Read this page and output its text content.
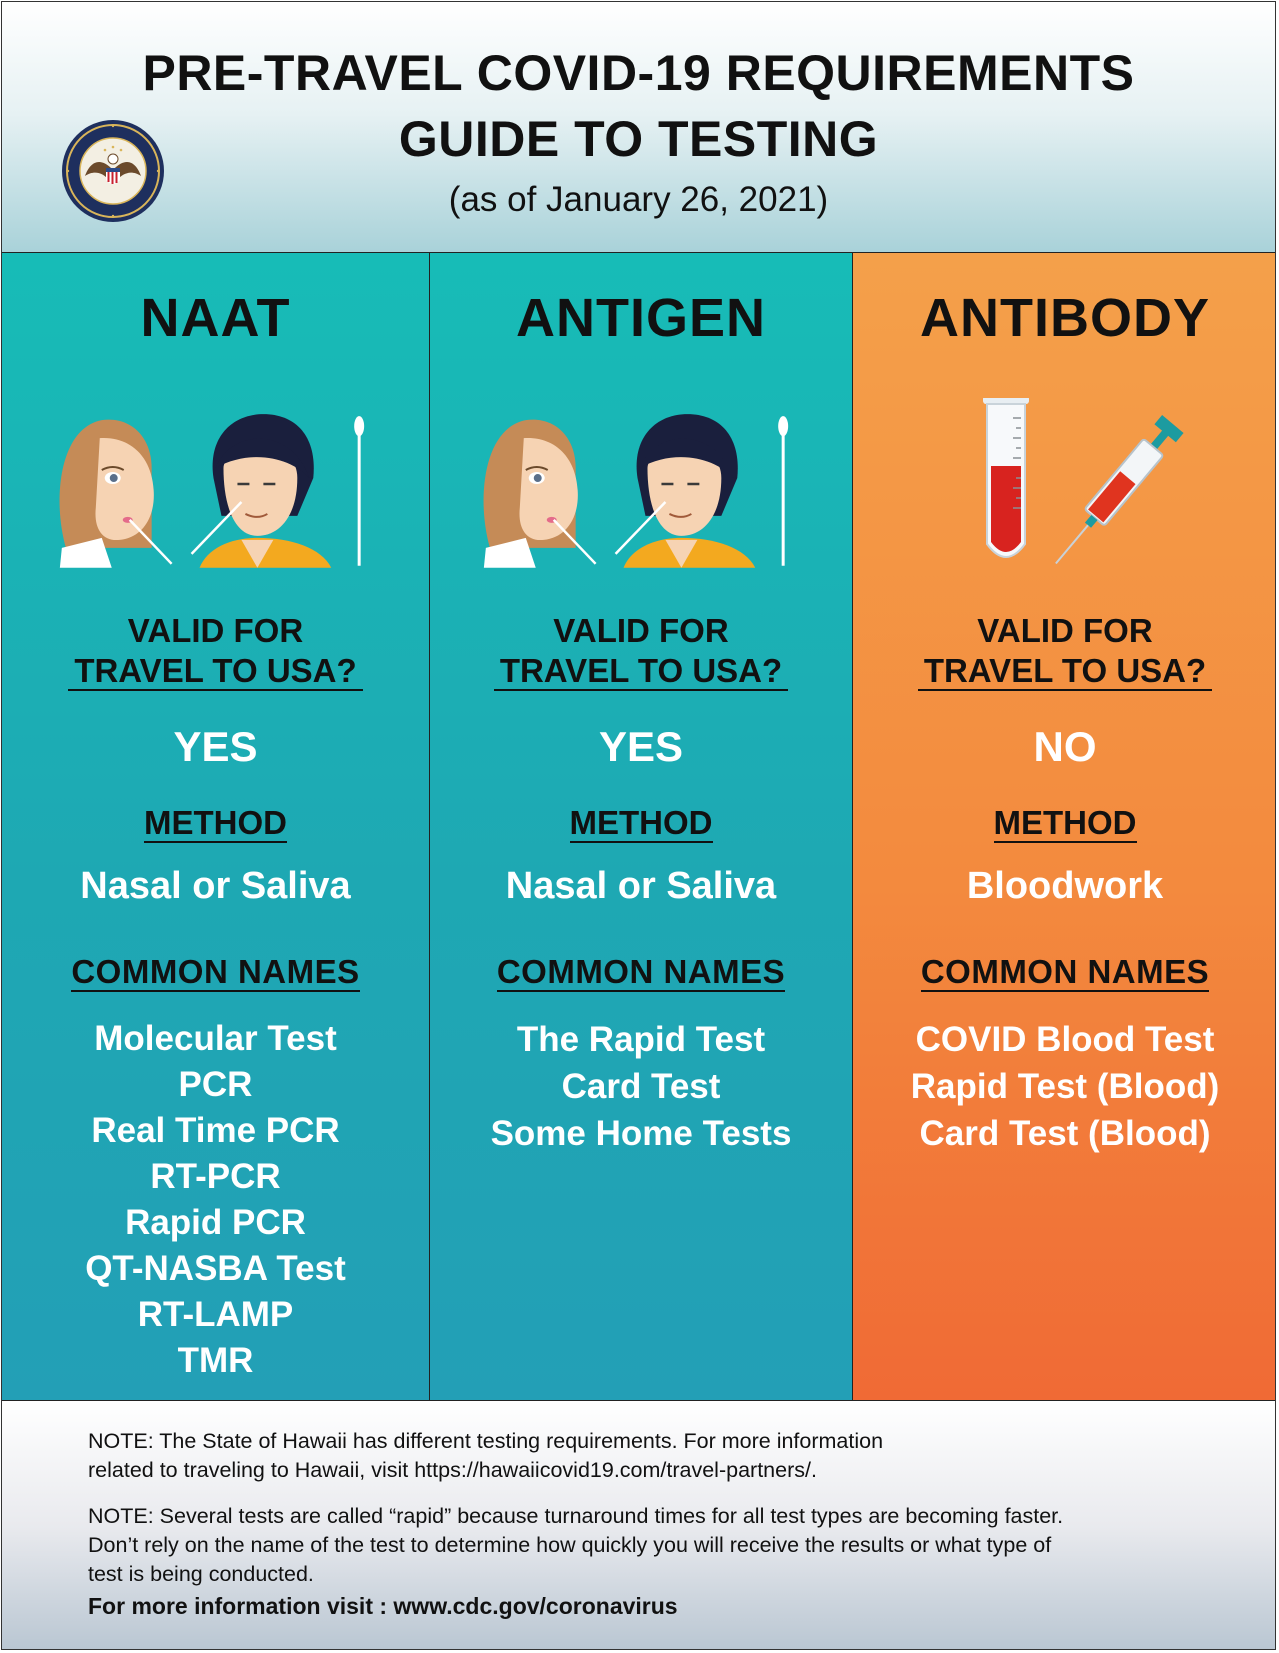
PRE-TRAVEL COVID-19 REQUIREMENTS
GUIDE TO TESTING
(as of January 26, 2021)
NAAT
VALID FOR
TRAVEL TO USA?
YES
METHOD
Nasal or Saliva
COMMON NAMES
Molecular Test
PCR
Real Time PCR
RT-PCR
Rapid PCR
QT-NASBA Test
RT-LAMP
TMR
ANTIGEN
VALID FOR
TRAVEL TO USA?
YES
METHOD
Nasal or Saliva
COMMON NAMES
The Rapid Test
Card Test
Some Home Tests
ANTIBODY
VALID FOR
TRAVEL TO USA?
NO
METHOD
Bloodwork
COMMON NAMES
COVID Blood Test
Rapid Test (Blood)
Card Test (Blood)
NOTE: The State of Hawaii has different testing requirements. For more information
related to traveling to Hawaii, visit https://hawaiicovid19.com/travel-partners/.
NOTE: Several tests are called “rapid” because turnaround times for all test types are becoming faster.
Don’t rely on the name of the test to determine how quickly you will receive the results or what type of
test is being conducted.
For more information visit : www.cdc.gov/coronavirus
